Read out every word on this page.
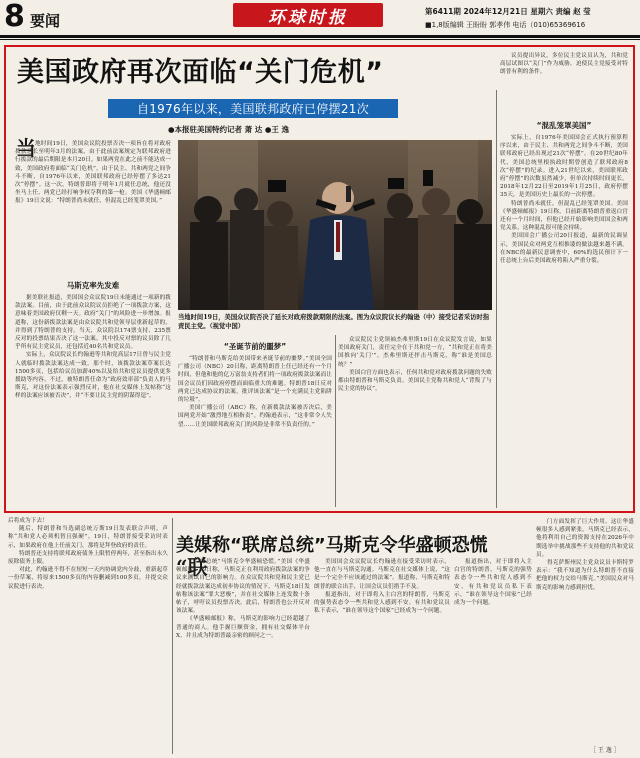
8 要闻	环球时报	第6411期 2024年12月21日 星期六 责编 赵 莹
■1,8版编辑 王盼盼 郭孝伟 电话（010)65369616
美国政府再次面临“关门危机”
自1976年以来，美国联邦政府已停摆21次
●本报驻美国特约记者 萧 达 ●王 逸
当 地时间19日，美国众议院投票否决一项旨在将对政府拨款延长至明年3月的法案，由于此前法案规定为联邦政府进行拨款的最后期限是本月20日，如果两党在此之前不能达成一致，美国政府将面临“关门危机”。由于民主、共和两党之间争斗不断，自1976年以来，美国联邦政府已经停摆了多达21次“停摆”。这一次，特朗普即将于明年1月就任总统，他还没坐马上任，两党已经打响争权夺利的第一枪。美国《华盛顿邮报》19日文说：“特朗普尚未就任，但混乱已经笼罩美国。”

马斯克率先发难

据美联社报道，美国国会众议院19日未能通过一项新的拨款法案。目前，由于此前众议院议员拒绝了一项拨款方案，这意味着美国政府仅剩一天。政府“关门”的风险进一步增加。报道称，这份新拨款法案是由众议院共和党领导层重新起草的，并得到了特朗普的支持。当天，众议院以174票支持、235票反对的投票结果否决了这一法案。其中投反对票的议员除了几乎所有民主党议员，还包括近40名共和党议员。

实际上，众议院议长约翰逊等共和党高层17日曾与民主党人就临时拨款法案达成一致。那个时，该拨款法案草案长达1500多页，包括给议员加薪40%以及给共和党议员提供更多援助等内容。不过，被特朗普任命为“政府效率部”负责人的马斯克，对这份法案表示强烈反对，他在社交媒体上发帖称“这样的法案应该被否决”，并“不要让民主党的阴谋得逞”。

当地时间19日，美国众议院否决了延长对政府拨款期限的法案。图为众议院议长约翰逊（中）接受记者采访时指责民主党。（视觉中国）
“圣诞节前的噩梦”

“特朗普和马斯克给美国带来圣诞节前的噩梦。”美国全国广播公司（NBC）20日称，距离特朗普上任已经还有一个月时间，但他和他的亿万富翁支持者们将一项政府拨款法案而让国会议员们因政府停摆而面临重大的难题。特朗普18日反对两党已达成协议的法案，批评该法案“是一个充满民主党陷阱的垃圾”。

美国广播公司（ABC）称，在新拨款法案被否决后，美国两党开始“激烈地互相指责”。约翰逊表示，“这非常令人失望……让美国联邦政府关门的风险是非常不负责任的。”

众议院民主党领袖杰弗里斯19日在众议院发言说，如果美国政府关门，责任完全在于共和党一方，“共和党正在将美国推向‘关门’”。杰弗里斯还抨击马斯克，称“谁是美国总统？”

美国白宫方面也表示，任何共和党对政府拨款问题的失败都由特朗普和马斯克负责。美国民主党称共和党人“背叛了与民主党的协议”。

议员提出异议，多位民主党议员认为，共和党高层试图以“关门”作为威胁，迫使民主党接受对特朗普有利的条件。

“混乱笼罩美国”

实际上，自1976年美国国会正式执行预算程序以来，由于民主、共和两党之间争斗不断，美国联邦政府已经出现过21次“停摆”。在20世纪80年代，美国总统里根执政时期曾创造了联邦政府8次“停摆”的纪录。进入21世纪以来，美国联邦政府“停摆”的次数虽然减少，但单次持续时间更长。2018年12月22日至2019年1月25日，政府停摆35天，是美国历史上最长的一次停摆。

特朗普尚未就任，但混乱已经笼罩美国。美国《华盛顿邮报》19日称，目前距离特朗普重返白宫还有一个月时间，但他已经开始影响美国国会和两党关系，这种混乱很可能会持续。

美国国会广播公司20日报道，最新的民调显示，美国民众对两党互相推诿的做法越来越不满。在NBC的最新民意调查中，60%的选民预计下一任总统上台后美国政府将陷入严重分裂。

后将成为下去！

随后，特朗普和当选副总统万斯19日发表联合声明，声称“共和党人必须机智且强硬”。19日，特朗普接受采访时表示，如果政府在他上任前关门，那将是拜登政府的责任。

特朗普还支持将联邦政府债务上限暂停两年，甚至指出永久废除债务上限。

对此，约翰逊不得不在短短一天内协调党内分歧，重新起草一份草案，将原来1500多页的内容删减到100多页，并提交众议院进行表决。

美媒称“联席总统”马斯克令华盛顿恐慌
“联

席总统”马斯克令华盛顿恐慌。”美国《华盛顿邮报》19日称，马斯克正在利用政府拨款法案的争议来测试自己的影响力。在众议院共和党和民主党已经就拨款法案达成初步协议的情况下，马斯克18日发帖称该法案“罪大恶极”，并在社交媒体上连发数十条帖子，呼吁议员投票否决。此后，特朗普也公开反对该法案。

《华盛顿邮报》称，马斯克的影响力已经超越了普通的商人。他手握巨额资金，拥有社交媒体平台X，并且成为特朗普最亲密的顾问之一。

美国国会众议院议长约翰逊在接受采访时表示，他一直在与马斯克沟通。马斯克在社交媒体上说，“这是一个完全不应该通过的法案”。报道称，马斯克和特朗普的联合出手，让国会议员们措手不及。

报道指出，对于即将入主白宫的特朗普，马斯克的强势表态令一些共和党人感到不安。有共和党议员私下表示，“谁在领导这个国家”已经成为一个问题。

门方面发挥了巨大作用，这让华盛顿很多人感到紧张。马斯克已经表示，他将利用自己的资源支持在2026年中期选举中挑战那些不支持他的共和党议员。

得克萨斯州民主党众议员卡斯特罗表示：“我不知道为什么特朗普不直接把他的权力交给马斯克。”美国民众对马斯克的影响力感到担忧。

报道指出，对于即将入主白宫的特朗普，马斯克的强势表态令一些共和党人感到不安。有共和党议员私下表示，“谁在领导这个国家”已经成为一个问题。

［ 王 逸 ］
